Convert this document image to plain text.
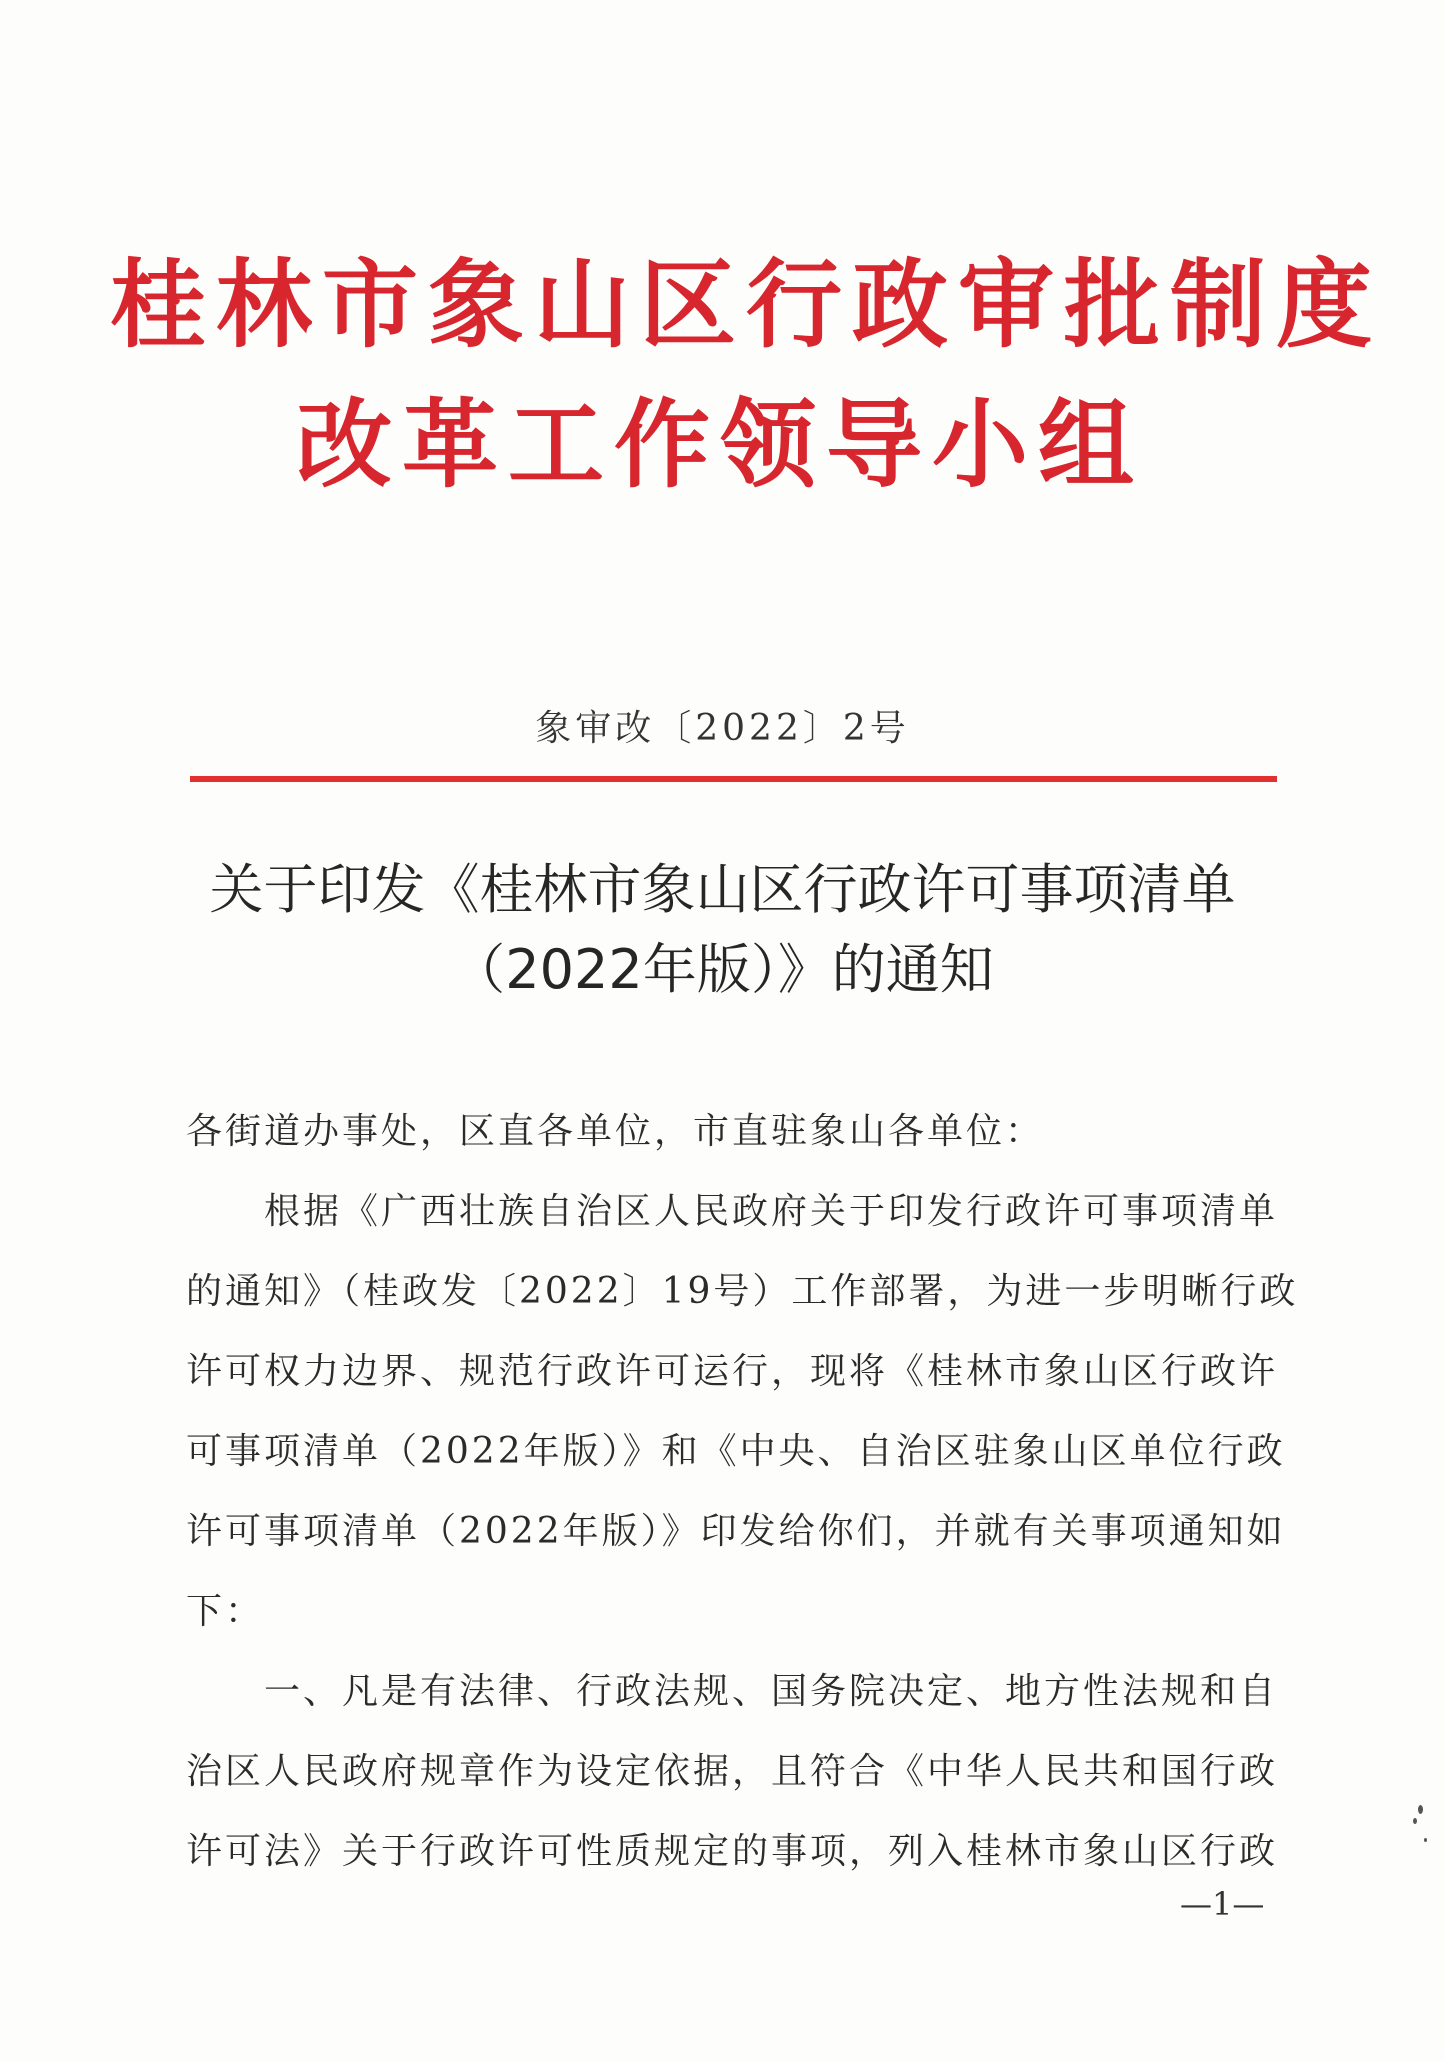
桂林市象山区行政审批制度
改革工作领导小组
象审改〔2022〕2号
关于印发《桂林市象山区行政许可事项清单
（2022年版）》的通知
各街道办事处，区直各单位，市直驻象山各单位：
　　根据《广西壮族自治区人民政府关于印发行政许可事项清单
的通知》（桂政发〔2022〕19号）工作部署，为进一步明晰行政
许可权力边界、规范行政许可运行，现将《桂林市象山区行政许
可事项清单（2022年版）》和《中央、自治区驻象山区单位行政
许可事项清单（2022年版）》印发给你们，并就有关事项通知如
下：
　　一、凡是有法律、行政法规、国务院决定、地方性法规和自
治区人民政府规章作为设定依据，且符合《中华人民共和国行政
许可法》关于行政许可性质规定的事项，列入桂林市象山区行政
—1—
